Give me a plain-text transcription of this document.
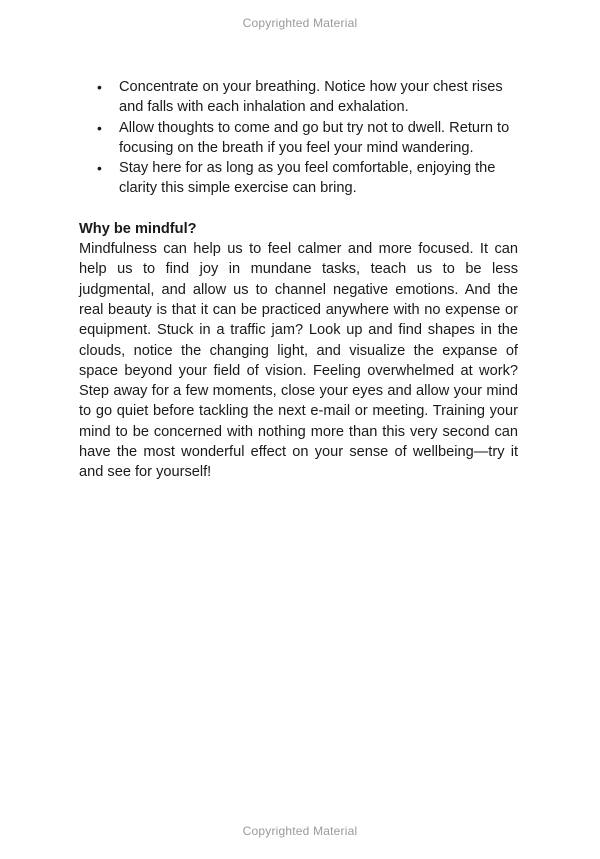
Copyrighted Material
• Concentrate on your breathing. Notice how your chest rises and falls with each inhalation and exhalation.
• Allow thoughts to come and go but try not to dwell. Return to focusing on the breath if you feel your mind wandering.
• Stay here for as long as you feel comfortable, enjoying the clarity this simple exercise can bring.
Why be mindful?

Mindfulness can help us to feel calmer and more focused. It can help us to find joy in mundane tasks, teach us to be less judgmental, and allow us to channel negative emotions. And the real beauty is that it can be practiced anywhere with no expense or equipment. Stuck in a traffic jam? Look up and find shapes in the clouds, notice the changing light, and visualize the expanse of space beyond your field of vision. Feeling overwhelmed at work? Step away for a few moments, close your eyes and allow your mind to go quiet before tackling the next e-mail or meeting. Training your mind to be concerned with nothing more than this very second can have the most wonderful effect on your sense of wellbeing—try it and see for yourself!

Copyrighted Material
